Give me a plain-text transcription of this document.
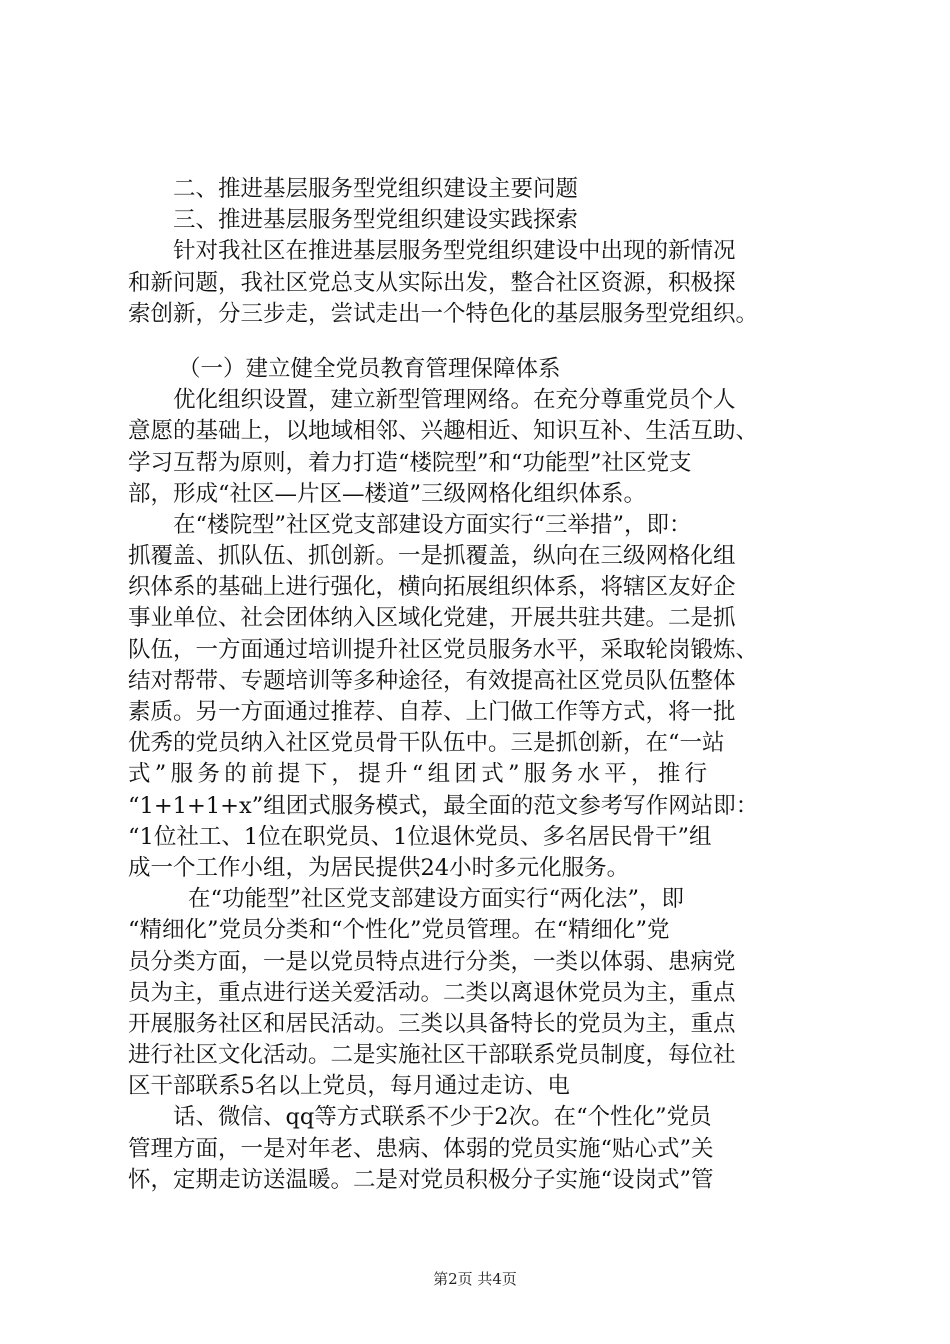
二、推进基层服务型党组织建设主要问题
三、推进基层服务型党组织建设实践探索
针对我社区在推进基层服务型党组织建设中出现的新情况
和新问题，我社区党总支从实际出发，整合社区资源，积极探
索创新，分三步走，尝试走出一个特色化的基层服务型党组织。
（一）建立健全党员教育管理保障体系
优化组织设置，建立新型管理网络。在充分尊重党员个人
意愿的基础上，以地域相邻、兴趣相近、知识互补、生活互助、
学习互帮为原则，着力打造“楼院型”和“功能型”社区党支
部，形成“社区—片区—楼道”三级网格化组织体系。
在“楼院型”社区党支部建设方面实行“三举措”，即：
抓覆盖、抓队伍、抓创新。一是抓覆盖，纵向在三级网格化组
织体系的基础上进行强化，横向拓展组织体系，将辖区友好企
事业单位、社会团体纳入区域化党建，开展共驻共建。二是抓
队伍，一方面通过培训提升社区党员服务水平，采取轮岗锻炼、
结对帮带、专题培训等多种途径，有效提高社区党员队伍整体
素质。另一方面通过推荐、自荐、上门做工作等方式，将一批
优秀的党员纳入社区党员骨干队伍中。三是抓创新，在“一站
式”服务的前提下，提升“组团式”服务水平，推行
“1+1+1+x”组团式服务模式，最全面的范文参考写作网站即：
“1位社工、1位在职党员、1位退休党员、多名居民骨干”组
成一个工作小组，为居民提供24小时多元化服务。
在“功能型”社区党支部建设方面实行“两化法”，即
“精细化”党员分类和“个性化”党员管理。在“精细化”党
员分类方面，一是以党员特点进行分类，一类以体弱、患病党
员为主，重点进行送关爱活动。二类以离退休党员为主，重点
开展服务社区和居民活动。三类以具备特长的党员为主，重点
进行社区文化活动。二是实施社区干部联系党员制度，每位社
区干部联系5名以上党员，每月通过走访、电
话、微信、qq等方式联系不少于2次。在“个性化”党员
管理方面，一是对年老、患病、体弱的党员实施“贴心式”关
怀，定期走访送温暖。二是对党员积极分子实施“设岗式”管
第2页 共4页
